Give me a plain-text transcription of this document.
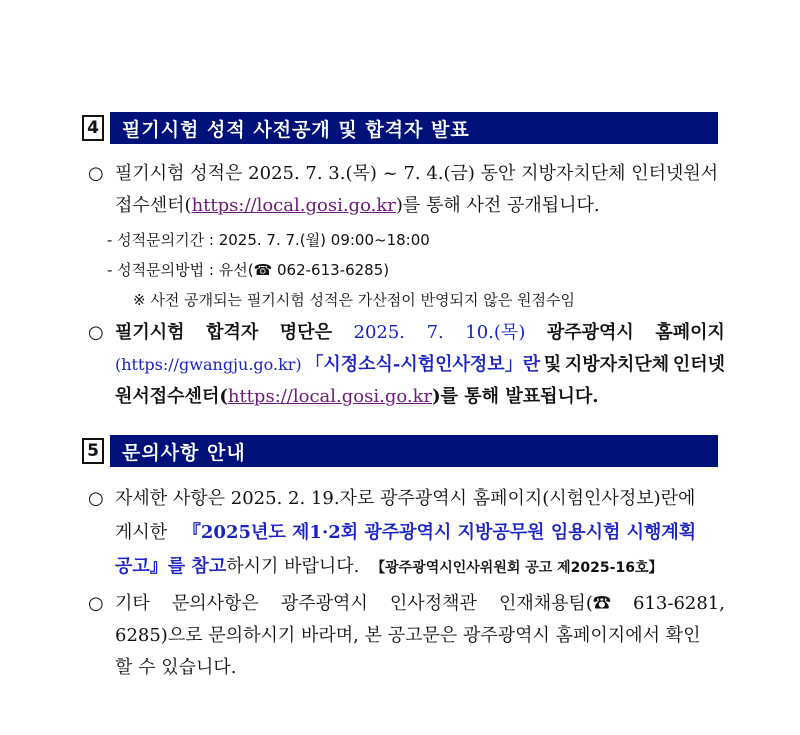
4	필기시험 성적 사전공개 및 합격자 발표
○ 필기시험 성적은 2025. 7. 3.(목) ~ 7. 4.(금) 동안 지방자치단체 인터넷원서
접수센터(https://local.gosi.go.kr)를 통해 사전 공개됩니다.
- 성적문의기간 : 2025. 7. 7.(월) 09:00~18:00
- 성적문의방법 : 유선(☎ 062-613-6285)
※ 사전 공개되는 필기시험 성적은 가산점이 반영되지 않은 원점수임
○ 필기시험 합격자 명단은 2025. 7. 10.(목) 광주광역시 홈페이지
(https://gwangju.go.kr) 「시정소식-시험인사정보」란 및 지방자치단체 인터넷
원서접수센터(https://local.gosi.go.kr)를 통해 발표됩니다.
5	문의사항 안내
○ 자세한 사항은 2025. 2. 19.자로 광주광역시 홈페이지(시험인사정보)란에
게시한 『2025년도 제1·2회 광주광역시 지방공무원 임용시험 시행계획
공고』를 참고하시기 바랍니다. 【광주광역시인사위원회 공고 제2025-16호】
○ 기타 문의사항은 광주광역시 인사정책관 인재채용팀(☎ 613-6281,
6285)으로 문의하시기 바라며, 본 공고문은 광주광역시 홈페이지에서 확인
할 수 있습니다.
